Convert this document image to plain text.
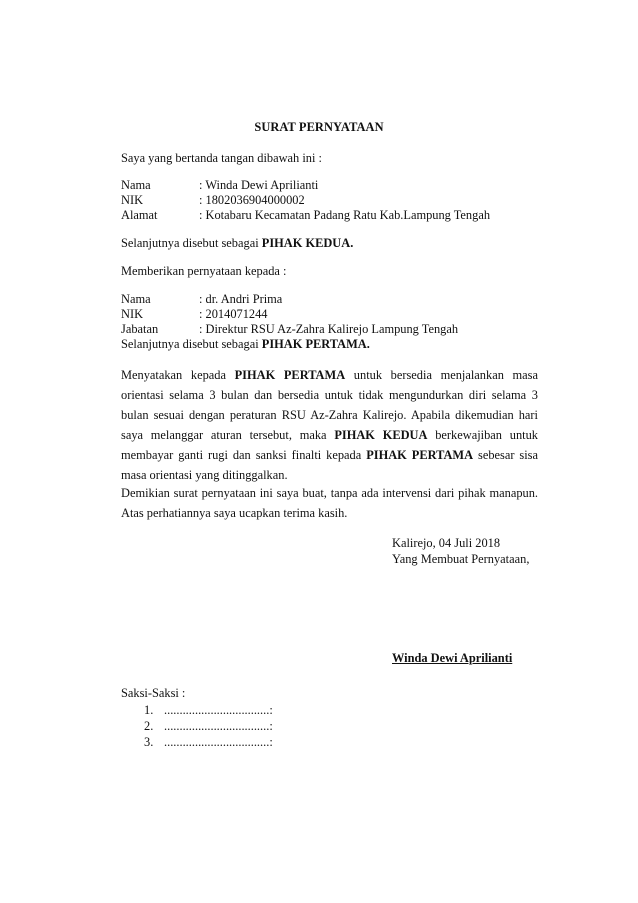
SURAT PERNYATAAN
Saya yang bertanda tangan dibawah ini :
Nama	: Winda Dewi Aprilianti
NIK	: 1802036904000002
Alamat	: Kotabaru Kecamatan Padang Ratu Kab.Lampung Tengah
Selanjutnya disebut sebagai PIHAK KEDUA.
Memberikan pernyataan kepada :
Nama	: dr. Andri Prima
NIK	: 2014071244
Jabatan	: Direktur RSU Az-Zahra Kalirejo Lampung Tengah
Selanjutnya disebut sebagai PIHAK PERTAMA.
Menyatakan kepada PIHAK PERTAMA untuk bersedia menjalankan masa orientasi selama 3 bulan dan bersedia untuk tidak mengundurkan diri selama 3 bulan sesuai dengan peraturan RSU Az-Zahra Kalirejo. Apabila dikemudian hari saya melanggar aturan tersebut, maka PIHAK KEDUA berkewajiban untuk membayar ganti rugi dan sanksi finalti kepada PIHAK PERTAMA sebesar sisa masa orientasi yang ditinggalkan.
Demikian surat pernyataan ini saya buat, tanpa ada intervensi dari pihak manapun. Atas perhatiannya saya ucapkan terima kasih.
Kalirejo, 04 Juli 2018
Yang Membuat Pernyataan,
Winda Dewi Aprilianti
Saksi-Saksi :
1. ..................................:
2. ..................................:
3. ..................................:
